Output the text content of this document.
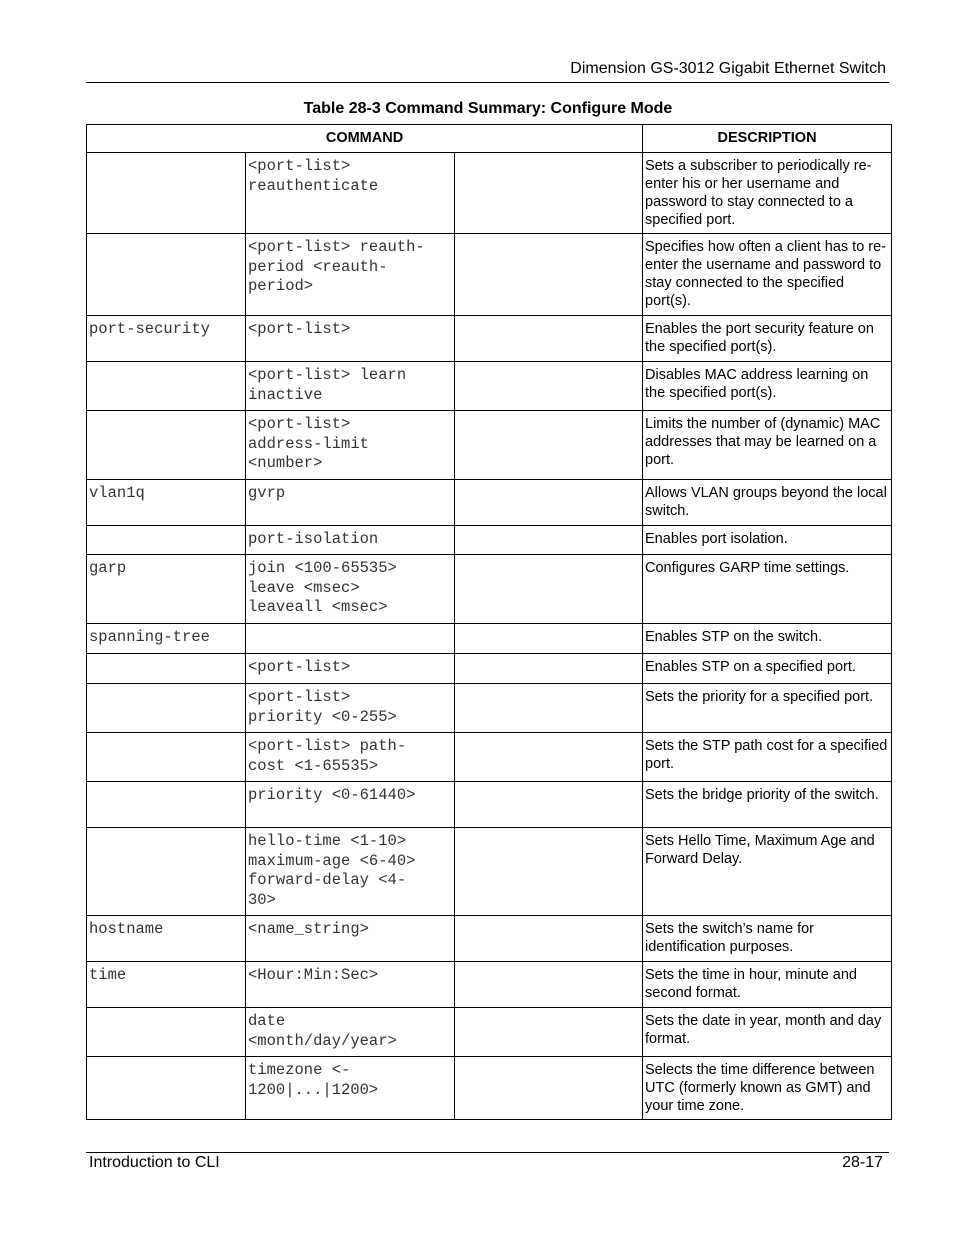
Dimension GS-3012 Gigabit Ethernet Switch
Table 28-3 Command Summary: Configure Mode
COMMAND			DESCRIPTION
	<port-list>
reauthenticate		Sets a subscriber to periodically re-enter his or her username and password to stay connected to a specified port.
	<port-list> reauth-
period <reauth-
period>		Specifies how often a client has to re-enter the username and password to stay connected to the specified port(s).
port-security	<port-list>		Enables the port security feature on the specified port(s).
	<port-list> learn
inactive		Disables MAC address learning on the specified port(s).
	<port-list>
address-limit
<number>		Limits the number of (dynamic) MAC addresses that may be learned on a port.
vlan1q	gvrp		Allows VLAN groups beyond the local switch.
	port-isolation		Enables port isolation.
garp	join <100-65535>
leave <msec>
leaveall <msec>		Configures GARP time settings.
spanning-tree			Enables STP on the switch.
	<port-list>		Enables STP on a specified port.
	<port-list>
priority <0-255>		Sets the priority for a specified port.
	<port-list> path-
cost <1-65535>		Sets the STP path cost for a specified port.
	priority <0-61440>		Sets the bridge priority of the switch.
	hello-time <1-10>
maximum-age <6-40>
forward-delay <4-
30>		Sets Hello Time, Maximum Age and Forward Delay.
hostname	<name_string>		Sets the switch’s name for identification purposes.
time	<Hour:Min:Sec>		Sets the time in hour, minute and second format.
	date
<month/day/year>		Sets the date in year, month and day format.
	timezone <-
1200|...|1200>		Selects the time difference between UTC (formerly known as GMT) and your time zone.
Introduction to CLI	28-17
